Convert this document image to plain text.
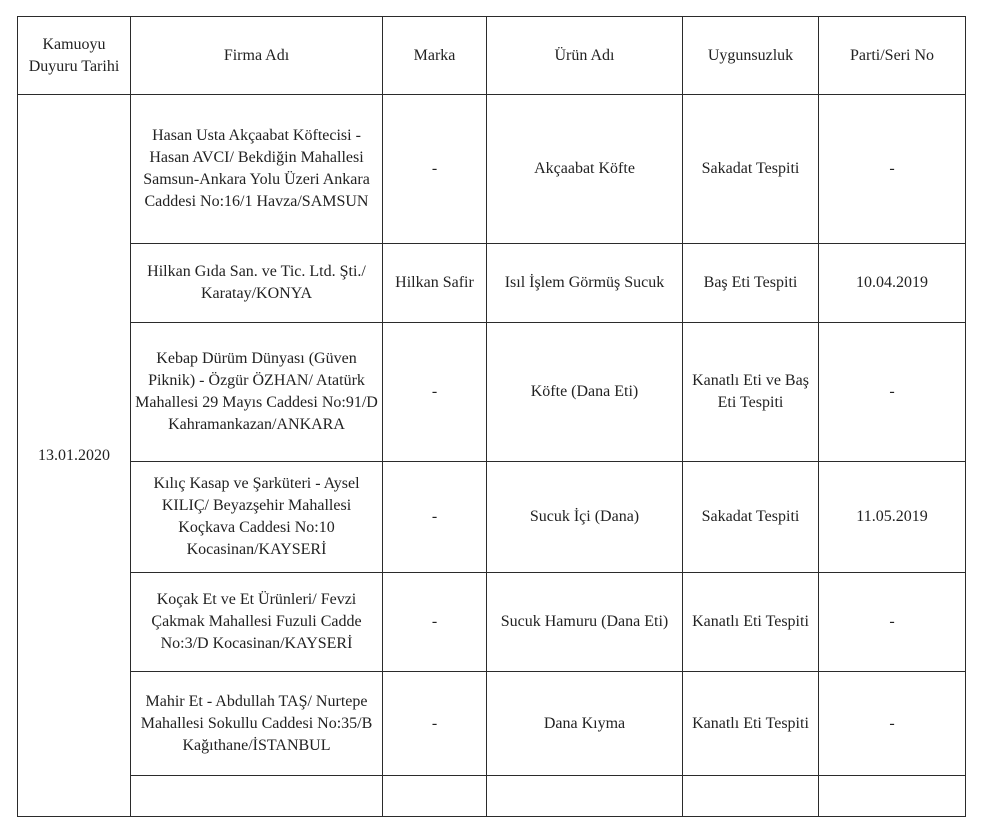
Kamuoyu Duyuru Tarihi	Firma Adı	Marka	Ürün Adı	Uygunsuzluk	Parti/Seri No
13.01.2020	Hasan Usta Akçaabat Köftecisi - Hasan AVCI/ Bekdiğin Mahallesi Samsun-Ankara Yolu Üzeri Ankara Caddesi No:16/1 Havza/SAMSUN	-	Akçaabat Köfte	Sakadat Tespiti	-
	Hilkan Gıda San. ve Tic. Ltd. Şti./ Karatay/KONYA	Hilkan Safir	Isıl İşlem Görmüş Sucuk	Baş Eti Tespiti	10.04.2019
	Kebap Dürüm Dünyası (Güven Piknik) - Özgür ÖZHAN/ Atatürk Mahallesi 29 Mayıs Caddesi No:91/D Kahramankazan/ANKARA	-	Köfte (Dana Eti)	Kanatlı Eti ve Baş Eti Tespiti	-
	Kılıç Kasap ve Şarküteri - Aysel KILIÇ/ Beyazşehir Mahallesi Koçkava Caddesi No:10 Kocasinan/KAYSERİ	-	Sucuk İçi (Dana)	Sakadat Tespiti	11.05.2019
	Koçak Et ve Et Ürünleri/ Fevzi Çakmak Mahallesi Fuzuli Cadde No:3/D Kocasinan/KAYSERİ	-	Sucuk Hamuru (Dana Eti)	Kanatlı Eti Tespiti	-
	Mahir Et - Abdullah TAŞ/ Nurtepe Mahallesi Sokullu Caddesi No:35/B Kağıthane/İSTANBUL	-	Dana Kıyma	Kanatlı Eti Tespiti	-
